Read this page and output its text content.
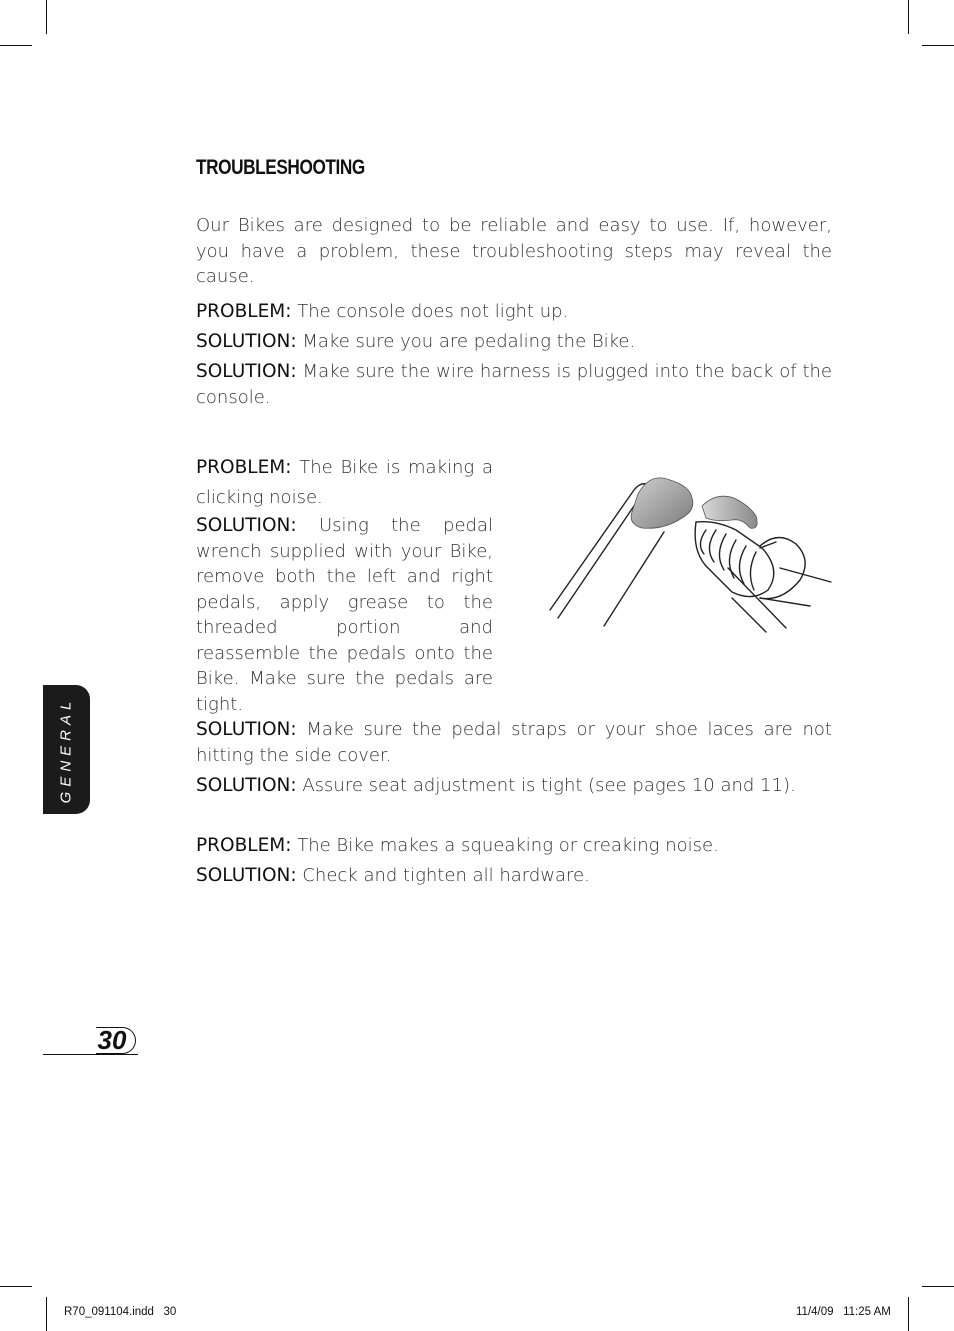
TROUBLESHOOTING
Our Bikes are designed to be reliable and easy to use. If, however, you have a problem, these troubleshooting steps may reveal the cause.
PROBLEM: The console does not light up.
SOLUTION: Make sure you are pedaling the Bike.
SOLUTION: Make sure the wire harness is plugged into the back of the console.
PROBLEM: The Bike is making a clicking noise.
SOLUTION: Using the pedal wrench supplied with your Bike, remove both the left and right pedals, apply grease to the threaded portion and reassemble the pedals onto the Bike. Make sure the pedals are tight.
SOLUTION: Make sure the pedal straps or your shoe laces are not hitting the side cover.
SOLUTION: Assure seat adjustment is tight (see pages 10 and 11).
PROBLEM: The Bike makes a squeaking or creaking noise.
SOLUTION: Check and tighten all hardware.
GENERAL
30
R70_091104.indd   30	11/4/09   11:25 AM
